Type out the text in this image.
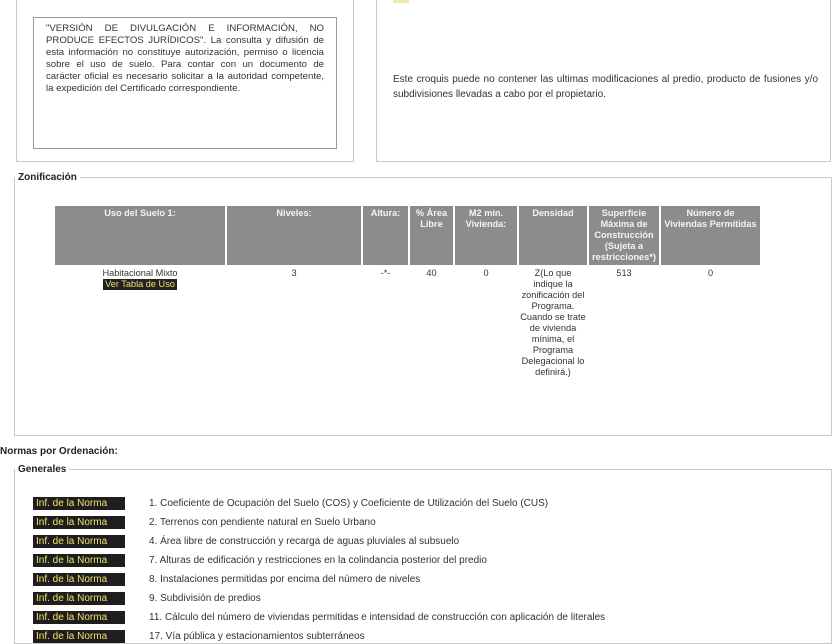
"VERSIÓN DE DIVULGACIÓN E INFORMACIÓN, NO PRODUCE EFECTOS JURÍDICOS". La consulta y difusión de esta información no constituye autorización, permiso o licencia sobre el uso de suelo. Para contar con un documento de carácter oficial es necesario solicitar a la autoridad competente, la expedición del Certificado correspondiente.
Este croquis puede no contener las ultimas modificaciones al predio, producto de fusiones y/o subdivisiones llevadas a cabo por el propietario.
Zonificación
Uso del Suelo 1:	Niveles:	Altura:	% Área Libre	M2 min. Vivienda:	Densidad	Superficie Máxima de Construcción (Sujeta a restricciones*)	Número de Viviendas Permitidas

Habitacional Mixto
Ver Tabla de Uso	3	-*-	40	0	Z(Lo que indique la zonificación del Programa. Cuando se trate de vivienda mínima, el Programa Delegacional lo definirá.)	513	0
Normas por Ordenación:
Generales
Inf. de la Norma	1. Coeficiente de Ocupación del Suelo (COS) y Coeficiente de Utilización del Suelo (CUS)
Inf. de la Norma	2. Terrenos con pendiente natural en Suelo Urbano
Inf. de la Norma	4. Área libre de construcción y recarga de aguas pluviales al subsuelo
Inf. de la Norma	7. Alturas de edificación y restricciones en la colindancia posterior del predio
Inf. de la Norma	8. Instalaciones permitidas por encima del número de niveles
Inf. de la Norma	9. Subdivisión de predios
Inf. de la Norma	11. Cálculo del número de viviendas permitidas e intensidad de construcción con aplicación de literales
Inf. de la Norma	17. Vía pública y estacionamientos subterráneos
